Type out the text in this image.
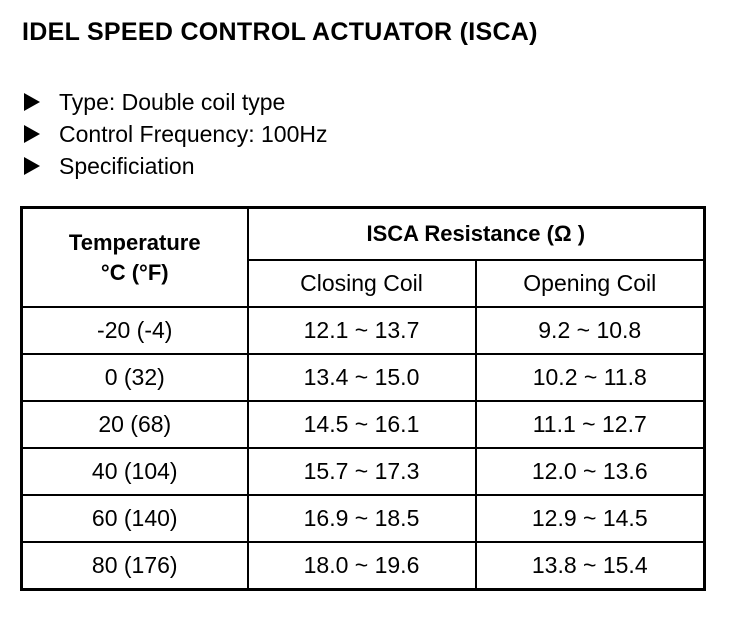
IDEL SPEED CONTROL ACTUATOR (ISCA)
Type: Double coil type
Control Frequency: 100Hz
Specificiation
Temperature
°C (°F)	ISCA Resistance (Ω )	
	Closing Coil	Opening Coil
-20 (-4)	12.1 ~ 13.7	9.2 ~ 10.8
0 (32)	13.4 ~ 15.0	10.2 ~ 11.8
20 (68)	14.5 ~ 16.1	11.1 ~ 12.7
40 (104)	15.7 ~ 17.3	12.0 ~ 13.6
60 (140)	16.9 ~ 18.5	12.9 ~ 14.5
80 (176)	18.0 ~ 19.6	13.8 ~ 15.4
